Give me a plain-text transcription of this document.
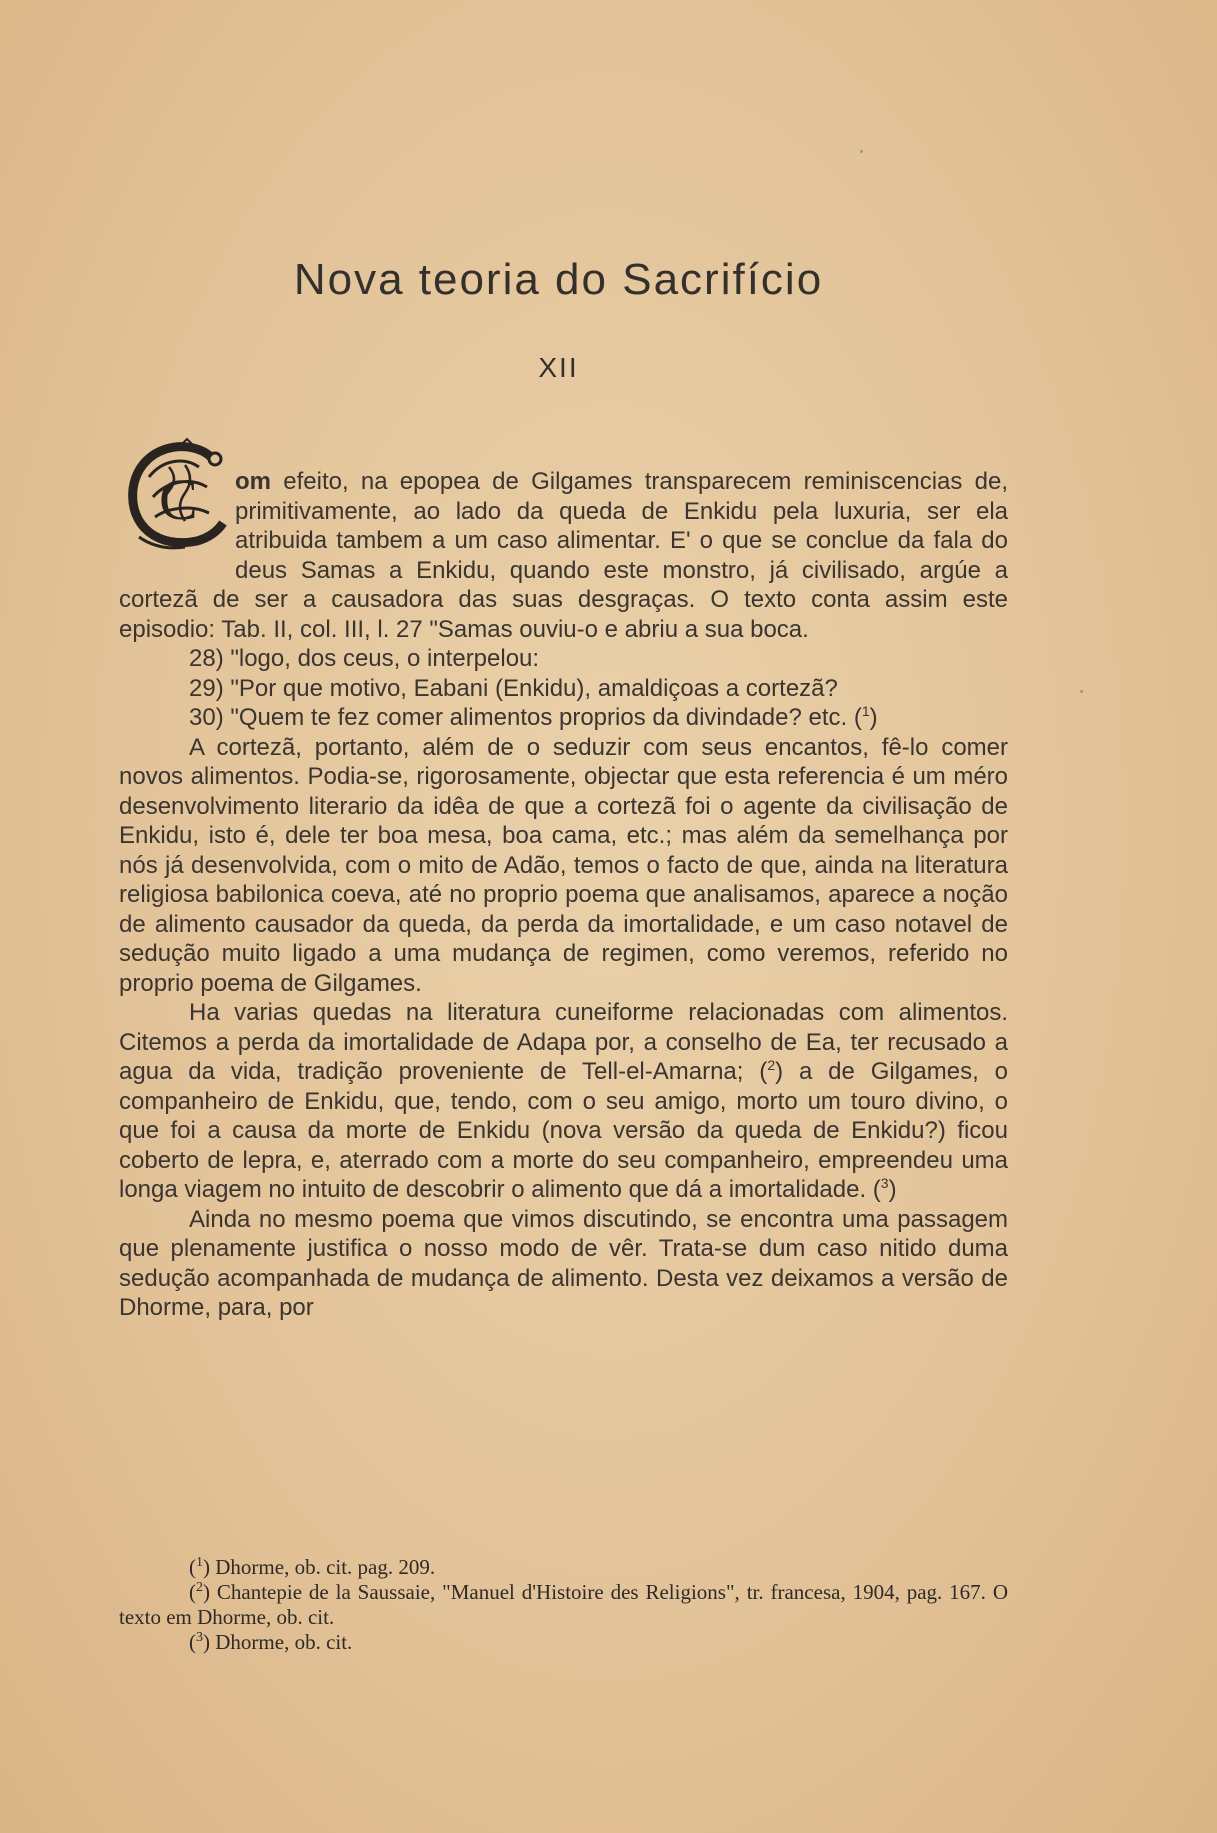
Nova teoria do Sacrifício
XII

C om efeito, na epopea de Gilgames transparecem reminiscencias de, primitivamente, ao lado da queda de Enkidu pela luxuria, ser ela atribuida tambem a um caso alimentar. E' o que se conclue da fala do deus Samas a Enkidu, quando este monstro, já civilisado, argúe a cortezã de ser a causadora das suas desgraças. O texto conta assim este episodio: Tab. II, col. III, l. 27 "Samas ouviu-o e abriu a sua boca.
28) "logo, dos ceus, o interpelou:
29) "Por que motivo, Eabani (Enkidu), amaldiçoas a cortezã?
30) "Quem te fez comer alimentos proprios da divindade? etc. ($^1$)

A cortezã, portanto, além de o seduzir com seus encantos, fê-lo comer novos alimentos. Podia-se, rigorosamente, objectar que esta referencia é um méro desenvolvimento literario da idêa de que a cortezã foi o agente da civilisação de Enkidu, isto é, dele ter boa mesa, boa cama, etc.; mas além da semelhança por nós já desenvolvida, com o mito de Adão, temos o facto de que, ainda na literatura religiosa babilonica coeva, até no proprio poema que analisamos, aparece a noção de alimento causador da queda, da perda da imortalidade, e um caso notavel de sedução muito ligado a uma mudança de regimen, como veremos, referido no proprio poema de Gilgames.

Ha varias quedas na literatura cuneiforme relacionadas com alimentos. Citemos a perda da imortalidade de Adapa por, a conselho de Ea, ter recusado a agua da vida, tradição proveniente de Tell-el-Amarna; ($^2$) a de Gilgames, o companheiro de Enkidu, que, tendo, com o seu amigo, morto um touro divino, o que foi a causa da morte de Enkidu (nova versão da queda de Enkidu?) ficou coberto de lepra, e, aterrado com a morte do seu companheiro, empreendeu uma longa viagem no intuito de descobrir o alimento que dá a imortalidade. ($^3$)

Ainda no mesmo poema que vimos discutindo, se encontra uma passagem que plenamente justifica o nosso modo de vêr. Trata-se dum caso nitido duma sedução acompanhada de mudança de alimento. Desta vez deixamos a versão de Dhorme, para, por

($^1$) Dhorme, ob. cit. pag. 209.

($^2$) Chantepie de la Saussaie, "Manuel d'Histoire des Religions", tr. francesa, 1904, pag. 167. O texto em Dhorme, ob. cit.

($^3$) Dhorme, ob. cit.
